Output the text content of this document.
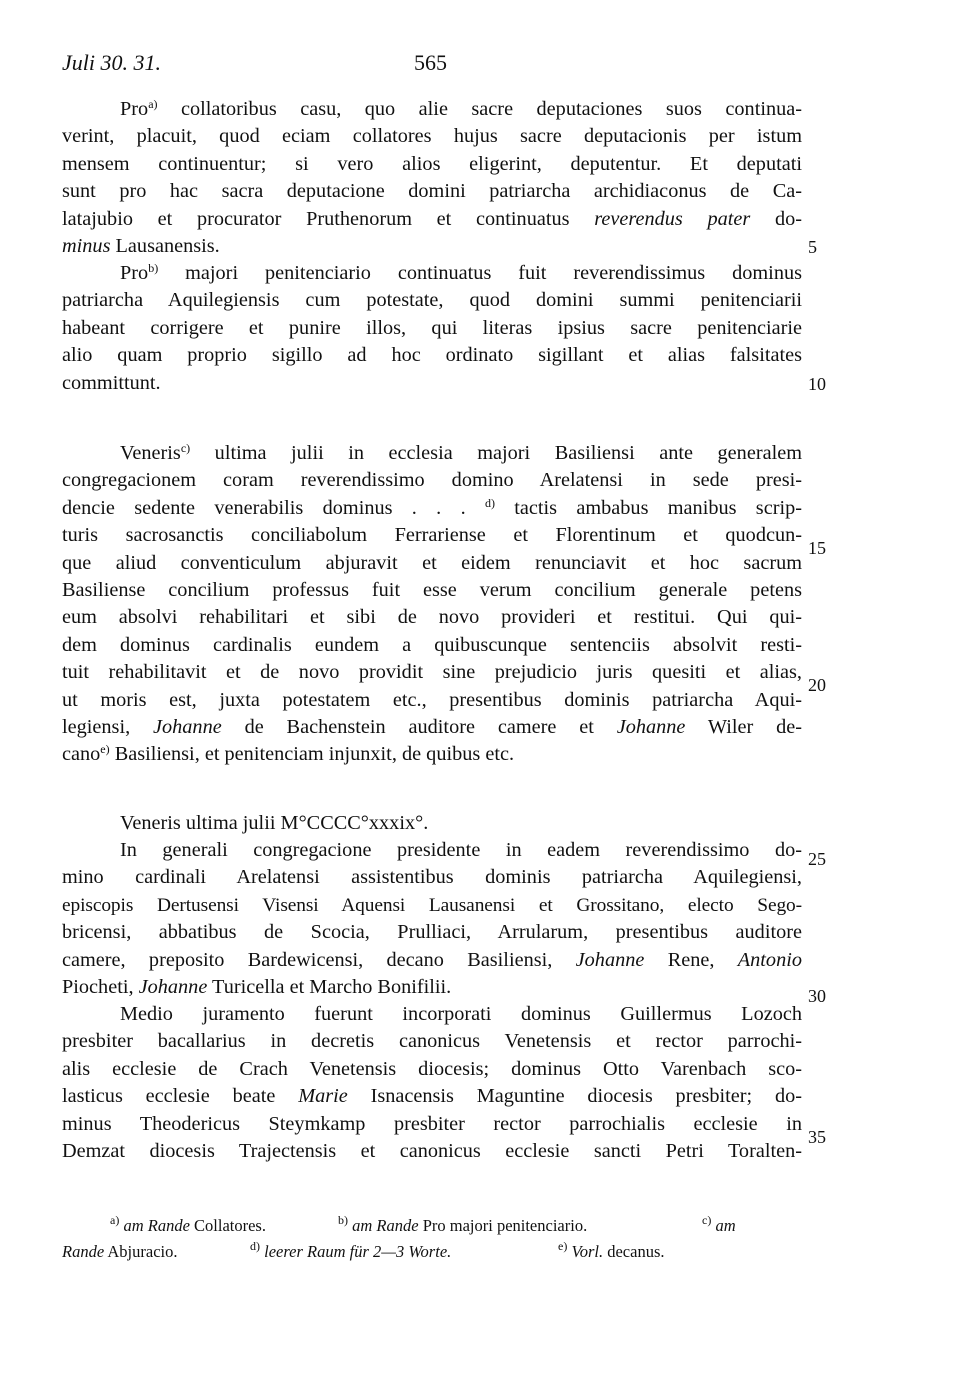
Juli 30. 31.	565
Pro$^{a)}$ collatoribus casu, quo alie sacre deputaciones suos continua-
verint, placuit, quod eciam collatores hujus sacre deputacionis per istum
mensem continuentur; si vero alios eligerint, deputentur. Et deputati
sunt pro hac sacra deputacione domini patriarcha archidiaconus de Ca-
latajubio et procurator Pruthenorum et continuatus reverendus pater do-
minus Lausanensis.
Pro$^{b)}$ majori penitenciario continuatus fuit reverendissimus dominus
patriarcha Aquilegiensis cum potestate, quod domini summi penitenciarii
habeant corrigere et punire illos, qui literas ipsius sacre penitenciarie
alio quam proprio sigillo ad hoc ordinato sigillant et alias falsitates
committunt.
Veneris$^{c)}$ ultima julii in ecclesia majori Basiliensi ante generalem
congregacionem coram reverendissimo domino Arelatensi in sede presi-
dencie sedente venerabilis dominus . . . $^{d)}$ tactis ambabus manibus scrip-
turis sacrosanctis conciliabolum Ferrariense et Florentinum et quodcun-
que aliud conventiculum abjuravit et eidem renunciavit et hoc sacrum
Basiliense concilium professus fuit esse verum concilium generale petens
eum absolvi rehabilitari et sibi de novo provideri et restitui. Qui qui-
dem dominus cardinalis eundem a quibuscunque sentenciis absolvit resti-
tuit rehabilitavit et de novo providit sine prejudicio juris quesiti et alias,
ut moris est, juxta potestatem etc., presentibus dominis patriarcha Aqui-
legiensi, Johanne de Bachenstein auditore camere et Johanne Wiler de-
cano$^{e)}$ Basiliensi, et penitenciam injunxit, de quibus etc.
Veneris ultima julii M°CCCC°xxxix°.
In generali congregacione presidente in eadem reverendissimo do-
mino cardinali Arelatensi assistentibus dominis patriarcha Aquilegiensi,
episcopis Dertusensi Visensi Aquensi Lausanensi et Grossitano, electo Sego-
bricensi, abbatibus de Scocia, Prulliaci, Arrularum, presentibus auditore
camere, preposito Bardewicensi, decano Basiliensi, Johanne Rene, Antonio
Piocheti, Johanne Turicella et Marcho Bonifilii.
Medio juramento fuerunt incorporati dominus Guillermus Lozoch
presbiter bacallarius in decretis canonicus Venetensis et rector parrochi-
alis ecclesie de Crach Venetensis diocesis; dominus Otto Varenbach sco-
lasticus ecclesie beate Marie Isnacensis Maguntine diocesis presbiter; do-
minus Theodericus Steymkamp presbiter rector parrochialis ecclesie in
Demzat diocesis Trajectensis et canonicus ecclesie sancti Petri Toralten-
$^{a)}$ am Rande Collatores.	$^{b)}$ am Rande Pro majori penitenciario.	$^{c)}$ am
Rande Abjuracio.	$^{d)}$ leerer Raum für 2—3 Worte.	$^{e)}$ Vorl. decanus.
5
10
15
20
25
30
35
